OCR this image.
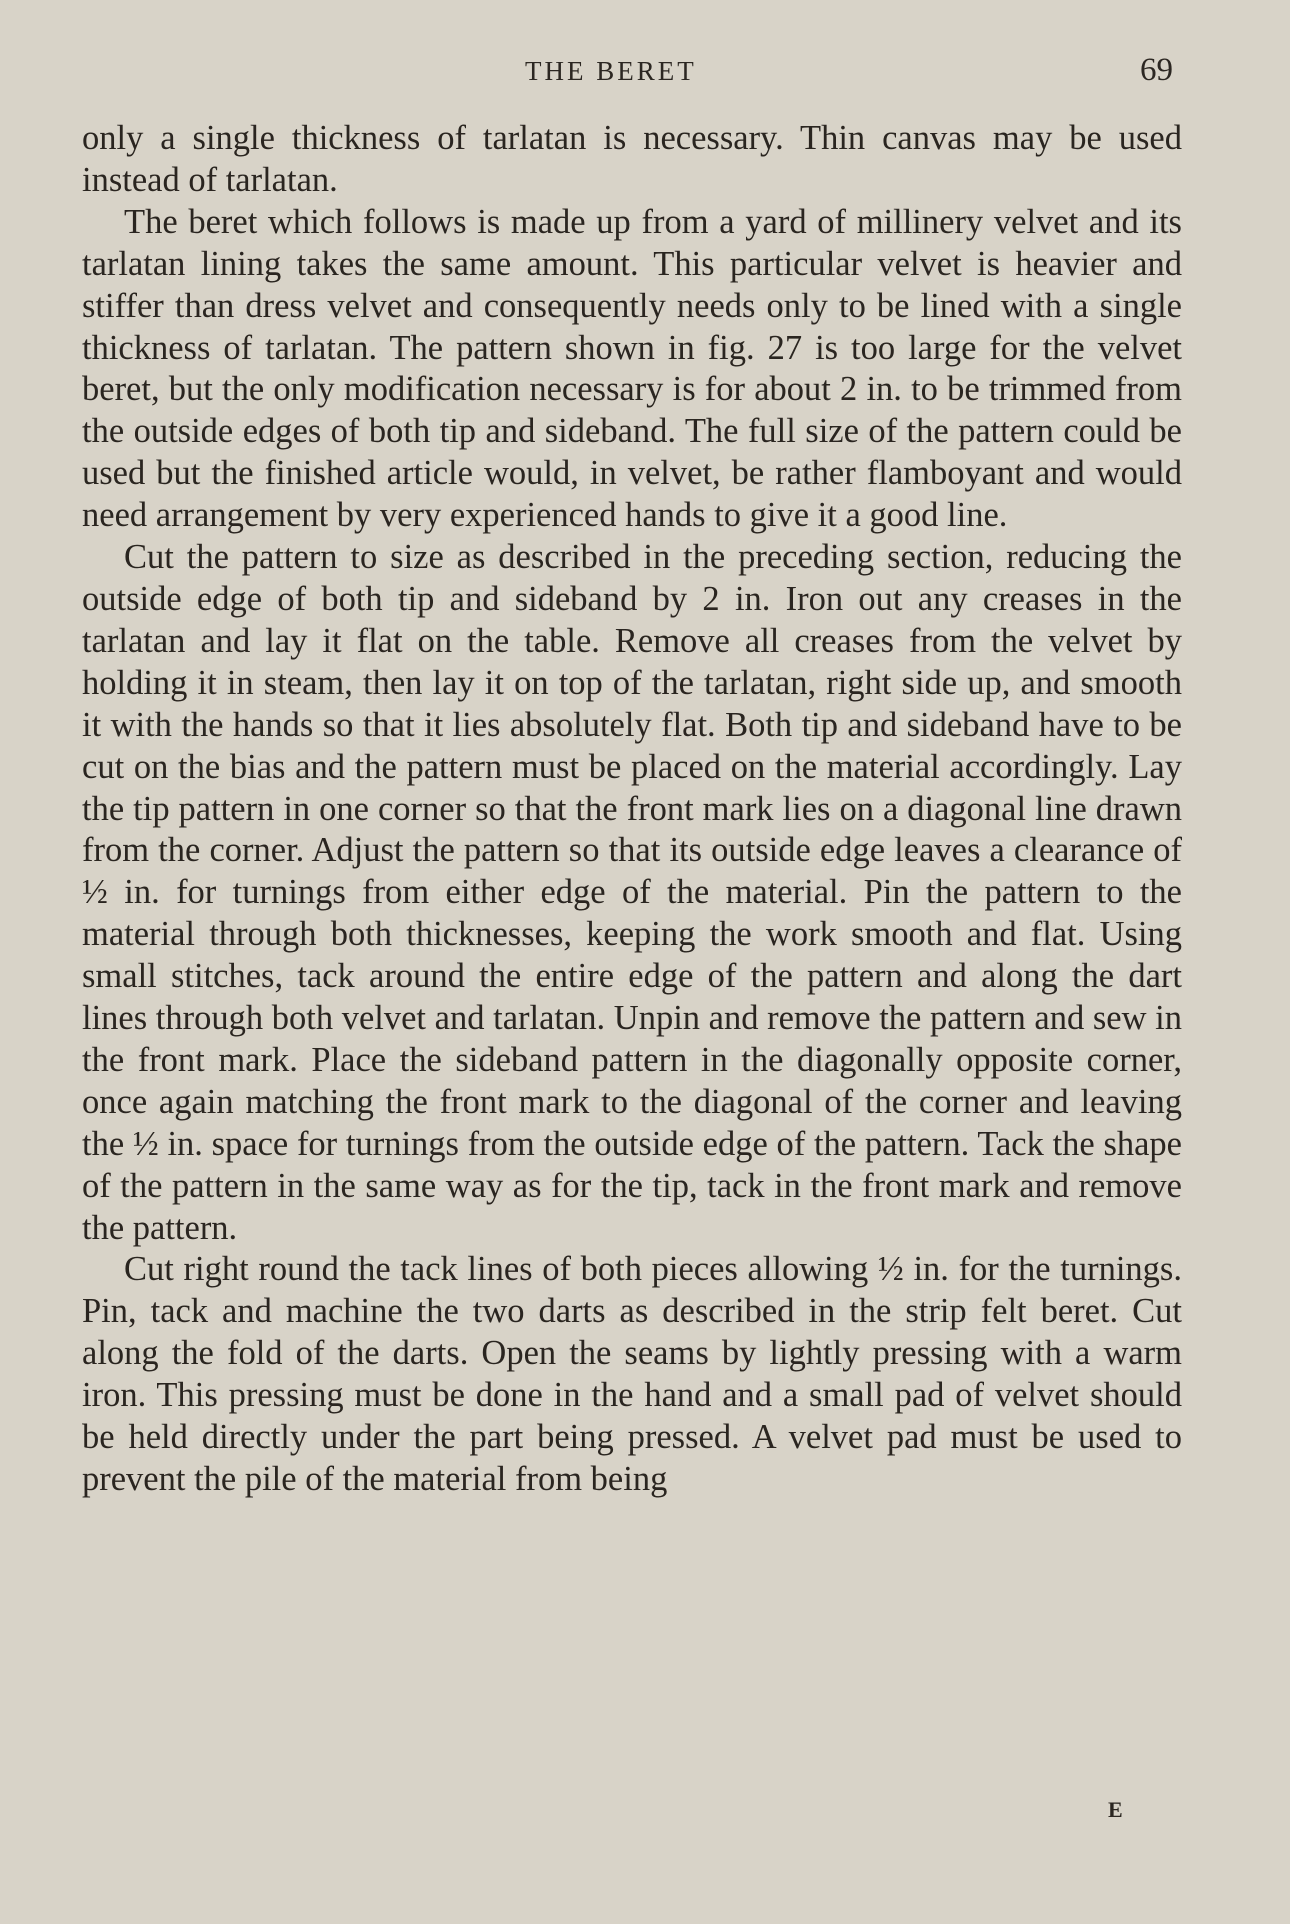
THE BERET	69

only a single thickness of tarlatan is necessary. Thin canvas may be used instead of tarlatan.

The beret which follows is made up from a yard of millinery velvet and its tarlatan lining takes the same amount. This particular velvet is heavier and stiffer than dress velvet and consequently needs only to be lined with a single thickness of tarlatan. The pattern shown in fig. 27 is too large for the velvet beret, but the only modification necessary is for about 2 in. to be trimmed from the outside edges of both tip and sideband. The full size of the pattern could be used but the finished article would, in velvet, be rather flamboyant and would need arrangement by very experienced hands to give it a good line.

Cut the pattern to size as described in the preceding section, reducing the outside edge of both tip and sideband by 2 in. Iron out any creases in the tarlatan and lay it flat on the table. Remove all creases from the velvet by holding it in steam, then lay it on top of the tarlatan, right side up, and smooth it with the hands so that it lies absolutely flat. Both tip and sideband have to be cut on the bias and the pattern must be placed on the material accordingly. Lay the tip pattern in one corner so that the front mark lies on a diagonal line drawn from the corner. Adjust the pattern so that its outside edge leaves a clearance of ½ in. for turnings from either edge of the material. Pin the pattern to the material through both thicknesses, keeping the work smooth and flat. Using small stitches, tack around the entire edge of the pattern and along the dart lines through both velvet and tarlatan. Unpin and remove the pattern and sew in the front mark. Place the sideband pattern in the diagonally opposite corner, once again matching the front mark to the diagonal of the corner and leaving the ½ in. space for turnings from the outside edge of the pattern. Tack the shape of the pattern in the same way as for the tip, tack in the front mark and remove the pattern.

Cut right round the tack lines of both pieces allowing ½ in. for the turnings. Pin, tack and machine the two darts as described in the strip felt beret. Cut along the fold of the darts. Open the seams by lightly pressing with a warm iron. This pressing must be done in the hand and a small pad of velvet should be held directly under the part being pressed. A velvet pad must be used to prevent the pile of the material from being

E
